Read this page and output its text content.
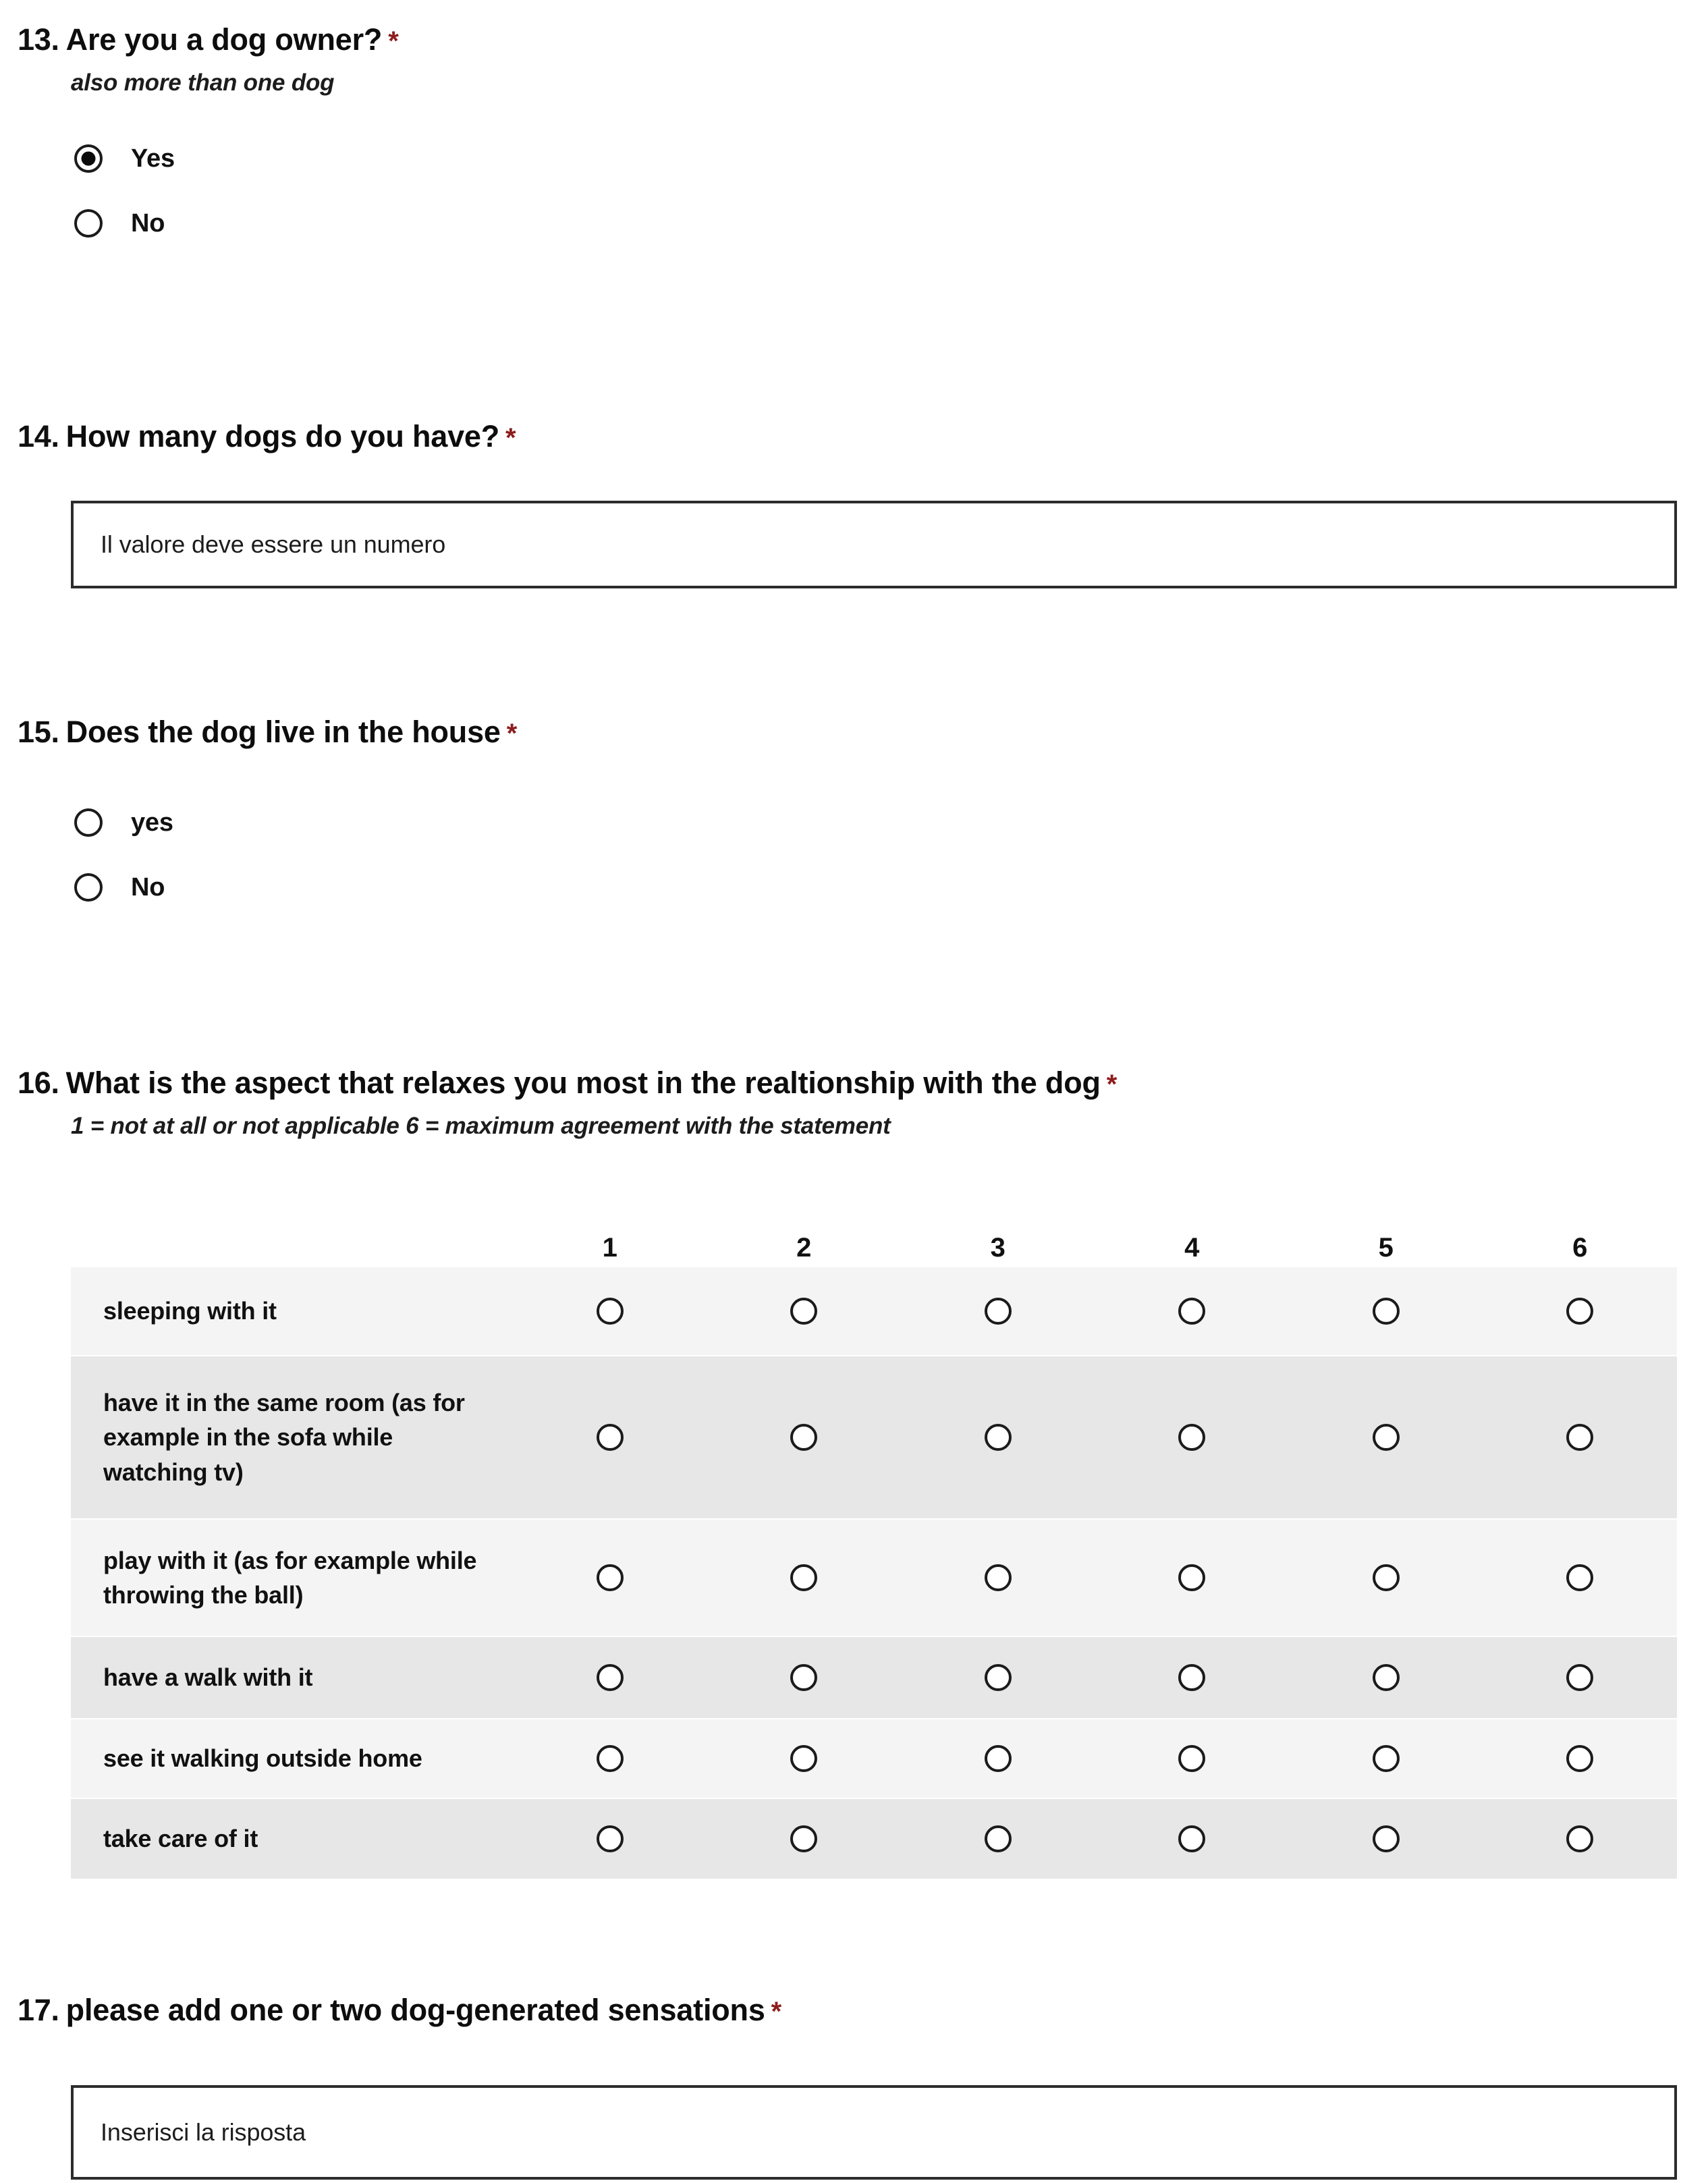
13. Are you a dog owner? *
also more than one dog
Yes
No
14. How many dogs do you have? *
Il valore deve essere un numero
15. Does the dog live in the house *
yes
No
16. What is the aspect that relaxes you most in the realtionship with the dog *
1 = not at all or not applicable 6 = maximum agreement with the statement
1	2	3	4	5	6
sleeping with it
have it in the same room (as for example in the sofa while watching tv)
play with it (as for example while throwing the ball)
have a walk with it
see it walking outside home
take care of it
17. please add one or two dog-generated sensations *
Inserisci la risposta
